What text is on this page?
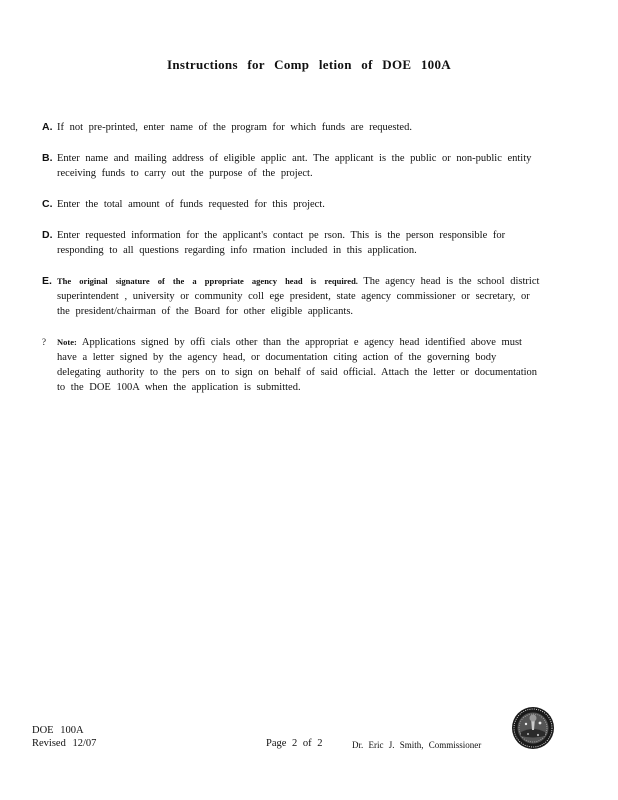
Instructions for Comp letion of DOE 100A
A. If not pre-printed, enter name of the program for which funds are requested.
B. Enter name and mailing address of eligible applic ant. The applicant is the public or non-public entity receiving funds to carry out the purpose of the project.
C. Enter the total amount of funds requested for this project.
D. Enter requested information for the applicant's contact pe rson. This is the person responsible for responding to all questions regarding info rmation included in this application.
E. The original signature of the a ppropriate agency head is required. The agency head is the school district superintendent , university or community coll ege president, state agency commissioner or secretary, or the president/chairman of the Board for other eligible applicants.
?	Note: Applications signed by offi cials other than the appropriat e agency head identified above must have a letter signed by the agency head, or documentation citing action of the governing body delegating authority to the pers on to sign on behalf of said official. Attach the letter or documentation to the DOE 100A when the application is submitted.
DOE 100A
Revised 12/07	Page 2 of 2	Dr. Eric J. Smith, Commissioner
